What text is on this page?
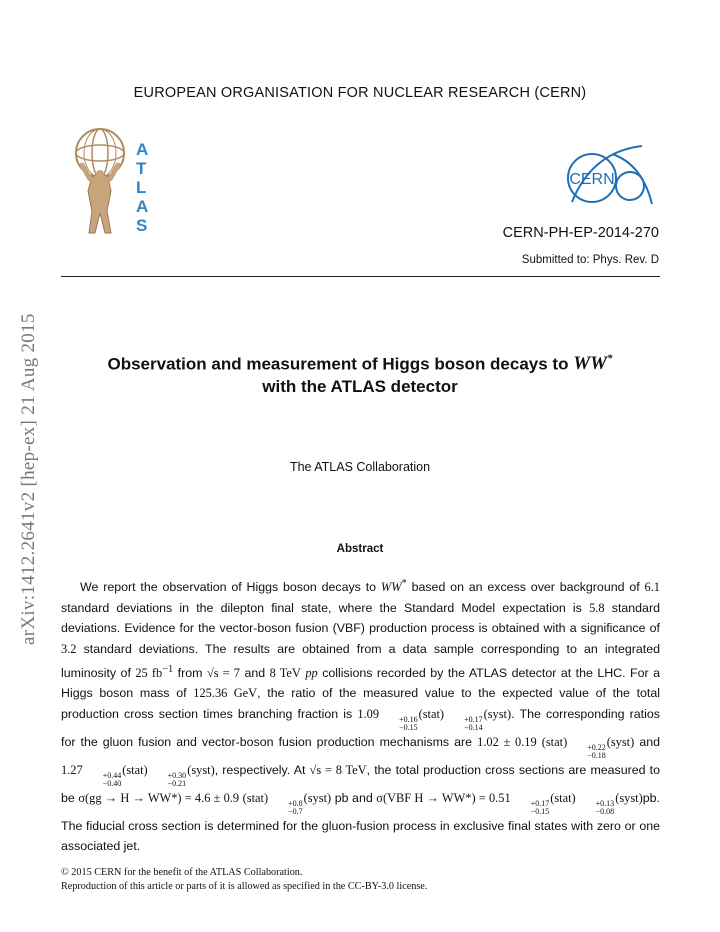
EUROPEAN ORGANISATION FOR NUCLEAR RESEARCH (CERN)
A
T
L
A
S
CERN
CERN-PH-EP-2014-270
Submitted to: Phys. Rev. D
arXiv:1412.2641v2 [hep-ex] 21 Aug 2015	Observation and measurement of Higgs boson decays to WW*
with the ATLAS detector
The ATLAS Collaboration
Abstract

We report the observation of Higgs boson decays to WW* based on an excess over background of 6.1 standard deviations in the dilepton final state, where the Standard Model expectation is 5.8 standard deviations. Evidence for the vector-boson fusion (VBF) production process is obtained with a significance of 3.2 standard deviations. The results are obtained from a data sample corresponding to an integrated luminosity of 25 $fb^{-1}$ from √s = 7 and 8 TeV pp collisions recorded by the ATLAS detector at the LHC. For a Higgs boson mass of 125.36 GeV, the ratio of the measured value to the expected value of the total production cross section times branching fraction is 1.09	+0.16
−0.15
(stat)	+0.17
−0.14
(syst). The corresponding ratios for the gluon fusion and vector-boson fusion production mechanisms are 1.02 ± 0.19 (stat)	+0.22
−0.18
(syst) and 1.27	+0.44
−0.40
(stat)	+0.30
−0.21
(syst), respectively. At √s = 8 TeV, the total production cross sections are measured to be σ(gg → H → WW*) = 4.6 ± 0.9 (stat)	+0.8
−0.7
(syst) pb and σ(VBF H → WW*) = 0.51	+0.17
−0.15
(stat)	+0.13
−0.08
(syst)pb. The fiducial cross section is determined for the gluon-fusion process in exclusive final states with zero or one associated jet.

© 2015 CERN for the benefit of the ATLAS Collaboration.
Reproduction of this article or parts of it is allowed as specified in the CC-BY-3.0 license.
